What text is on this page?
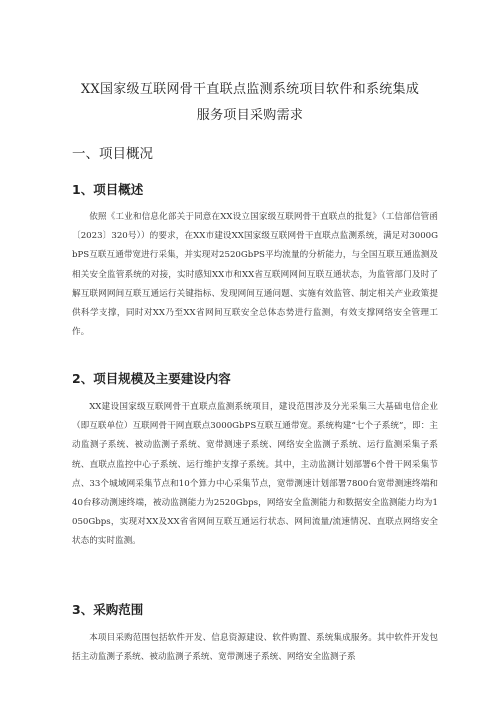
XX国家级互联网骨干直联点监测系统项目软件和系统集成
服务项目采购需求
一、项目概况
1、项目概述
依照《工业和信息化部关于同意在XX设立国家级互联网骨干直联点的批复》（工信部信管函〔2023〕320号））的要求，在XX市建设XX国家级互联网骨干直联点监测系统，满足对3000GbPS互联互通带宽进行采集，并实现对2520GbPS平均流量的分析能力，与全国互联互通监测及相关安全监管系统的对接，实时感知XX市和XX省互联网网间互联互通状态，为监管部门及时了解互联网网间互联互通运行关键指标、发现网间互通问题、实施有效监管、制定相关产业政策提供科学支撑，同时对XX乃至XX省网间互联安全总体态势进行监测，有效支撑网络安全管理工作。
2、项目规模及主要建设内容
XX建设国家级互联网骨干直联点监测系统项目，建设范围涉及分光采集三大基础电信企业（即互联单位）互联网骨干网直联点3000GbPS互联互通带宽。系统构建“七个子系统”，即：主动监测子系统、被动监测子系统、宽带测速子系统、网络安全监测子系统、运行监测采集子系统、直联点监控中心子系统、运行维护支撑子系统。其中，主动监测计划部署6个骨干网采集节点、33个城域网采集节点和10个算力中心采集节点，宽带测速计划部署7800台宽带测速终端和40台移动测速终端，被动监测能力为2520Gbps，网络安全监测能力和数据安全监测能力均为1050Gbps，实现对XX及XX省省网间互联互通运行状态、网间流量/流速情况、直联点网络安全状态的实时监测。
3、采购范围
本项目采购范围包括软件开发、信息资源建设、软件购置、系统集成服务。其中软件开发包括主动监测子系统、被动监测子系统、宽带测速子系统、网络安全监测子系
